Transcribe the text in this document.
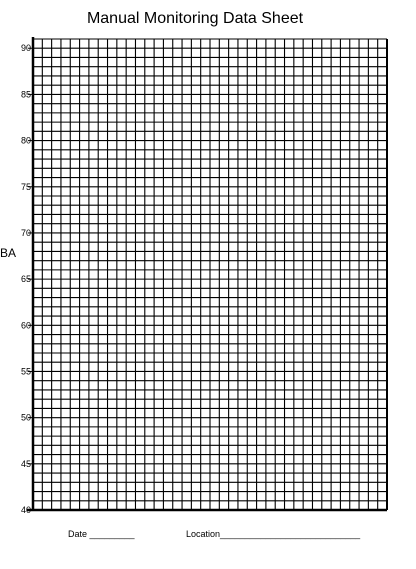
Manual Monitoring Data Sheet
BA
40
45
50
55
60
65
70
75
80
85
90
Date _________	Location____________________________
